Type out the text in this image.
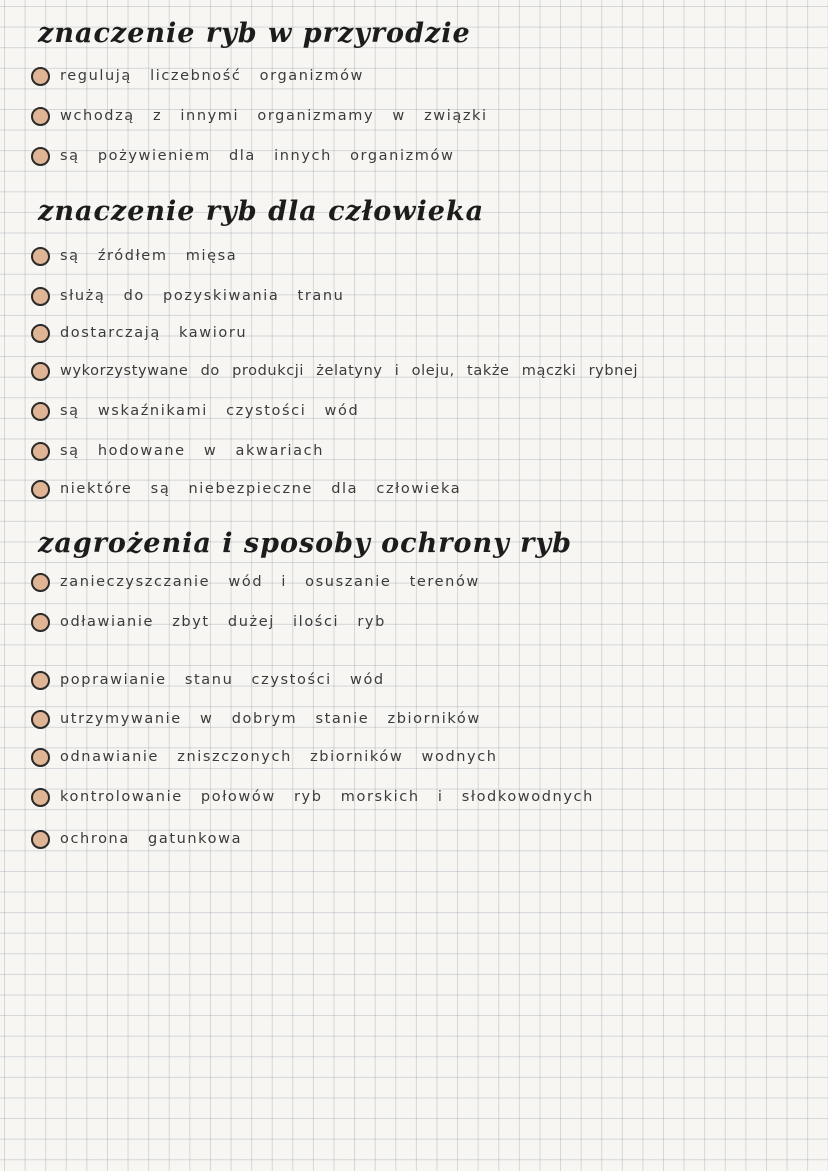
znaczenie ryb w przyrodzie
regulują liczebność organizmów
wchodzą z innymi organizmamy w związki
są pożywieniem dla innych organizmów
znaczenie ryb dla człowieka
są źródłem mięsa
służą do pozyskiwania tranu
dostarczają kawioru
wykorzystywane do produkcji żelatyny i oleju, także mączki rybnej
są wskaźnikami czystości wód
są hodowane w akwariach
niektóre są niebezpieczne dla człowieka
zagrożenia i sposoby ochrony ryb
zanieczyszczanie wód i osuszanie terenów
odławianie zbyt dużej ilości ryb
poprawianie stanu czystości wód
utrzymywanie w dobrym stanie zbiorników
odnawianie zniszczonych zbiorników wodnych
kontrolowanie połowów ryb morskich i słodkowodnych
ochrona gatunkowa
